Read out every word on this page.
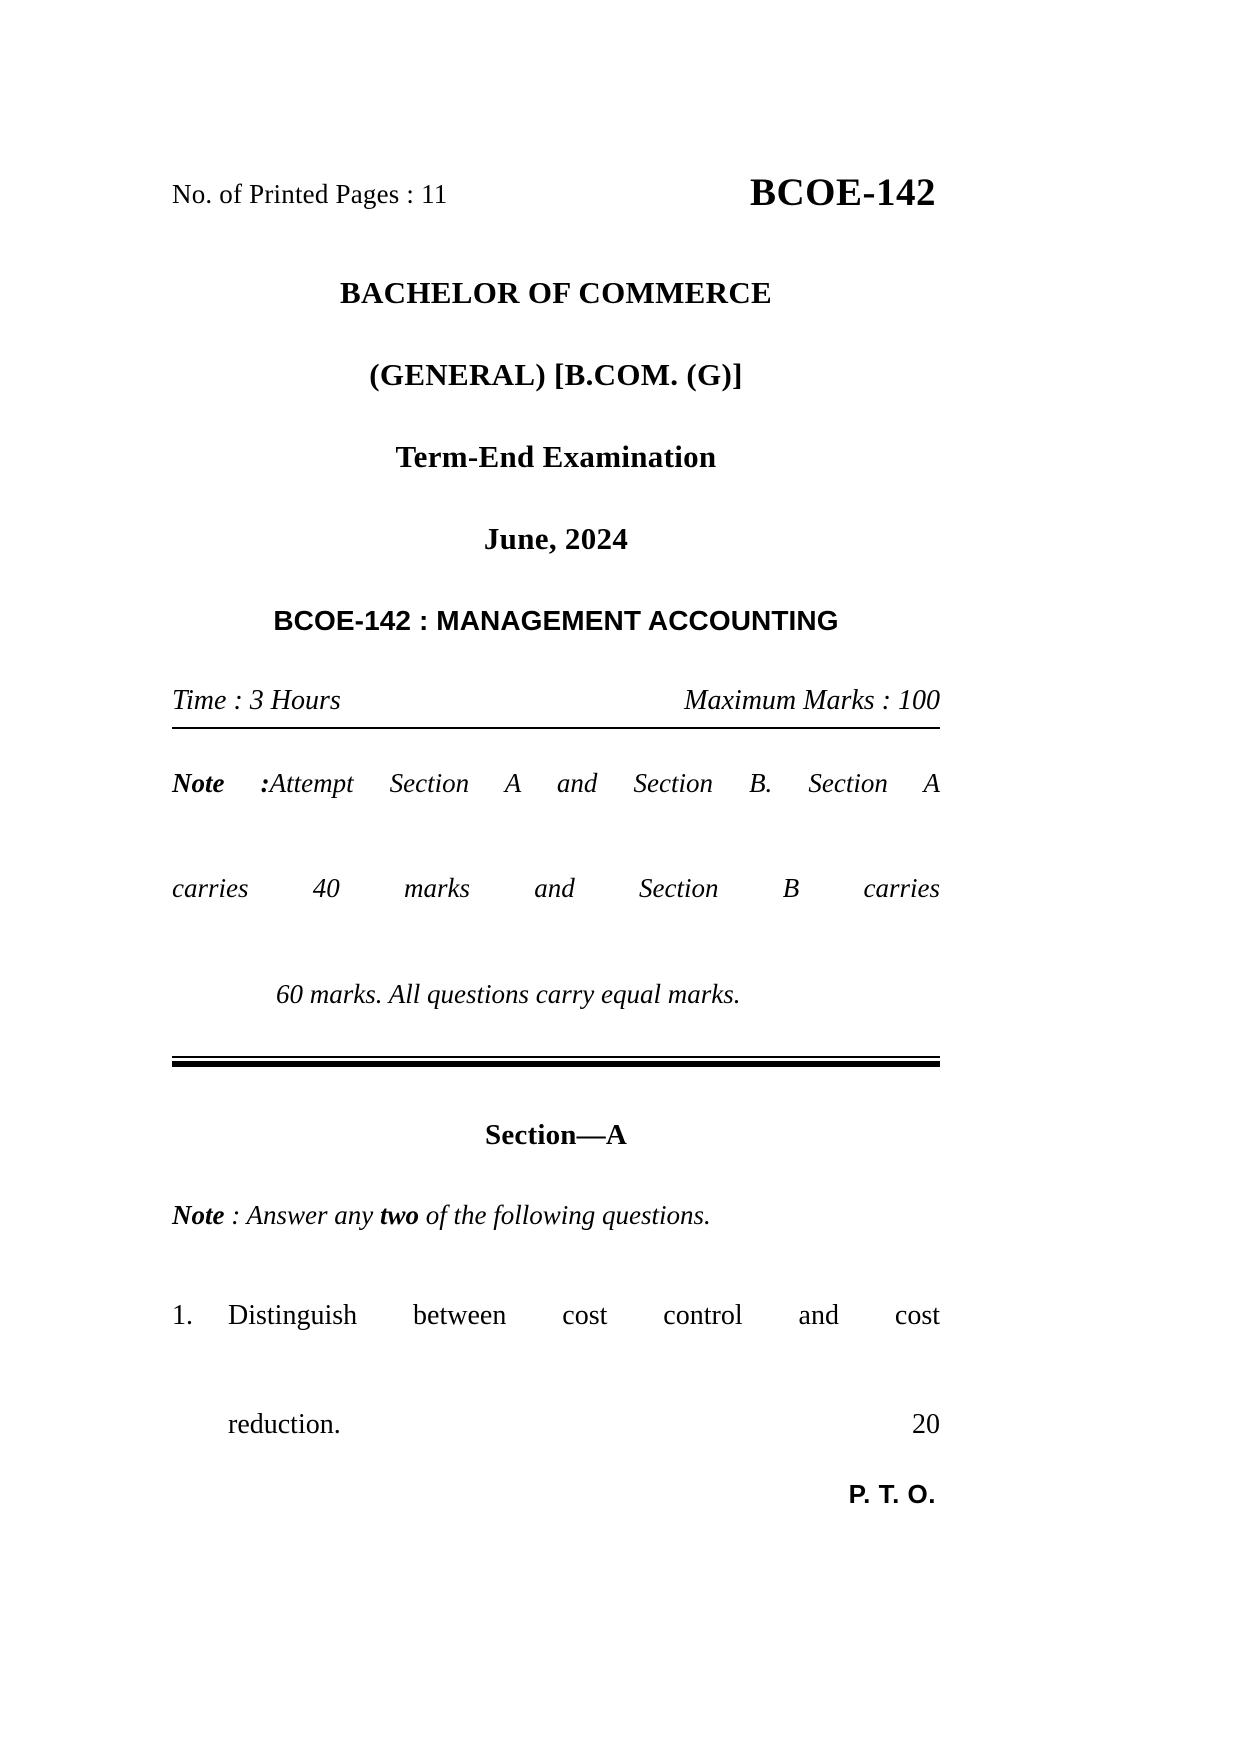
No. of Printed Pages : 11	BCOE-142
BACHELOR OF COMMERCE
(GENERAL) [B.COM. (G)]
Term-End Examination
June, 2024
BCOE-142 : MANAGEMENT ACCOUNTING
Time : 3 Hours	Maximum Marks : 100
Note :Attempt Section A and Section B. Section A
carries 40 marks and Section B carries
60 marks. All questions carry equal marks.
Section—A
Note : Answer any two of the following questions.
1.	Distinguish between cost control and cost
reduction.	20
P. T. O.
